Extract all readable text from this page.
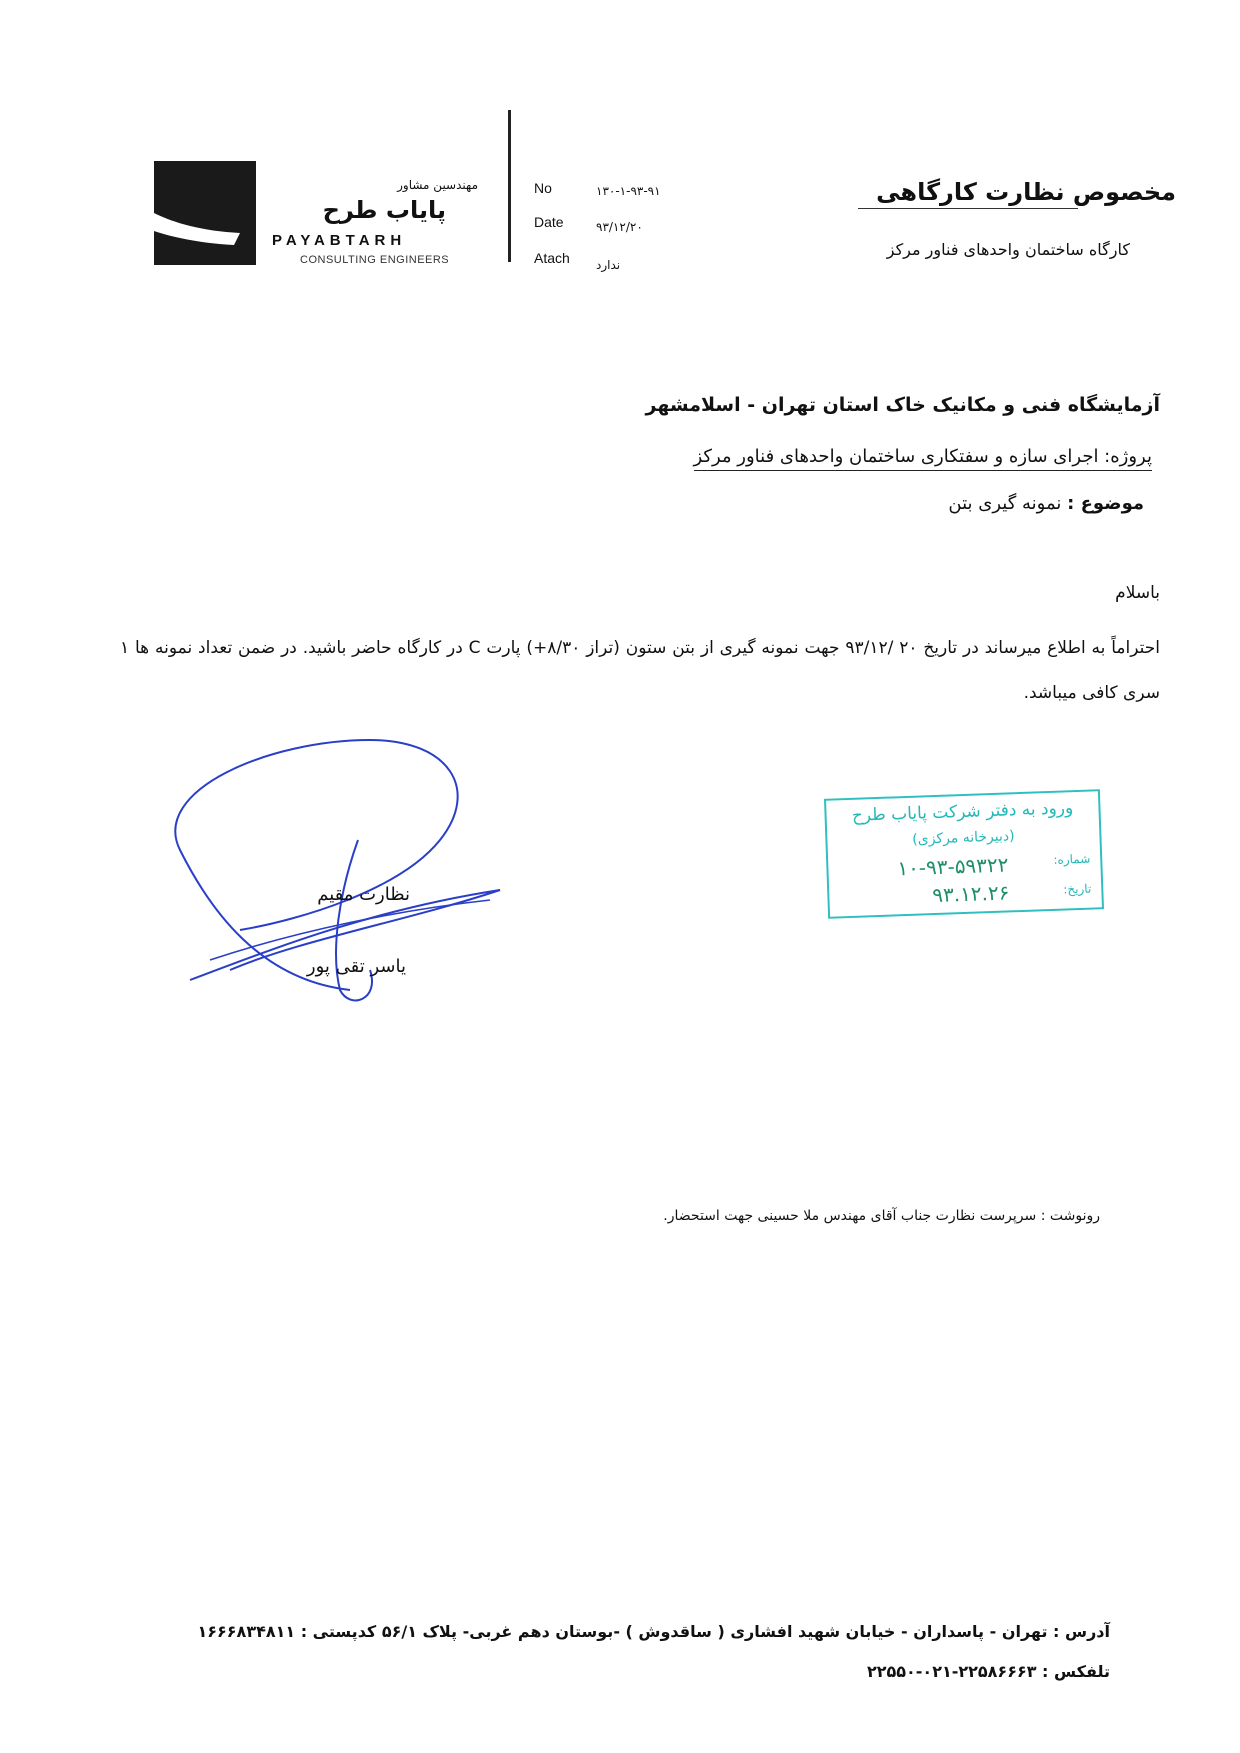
مهندسین مشاور
پایاب طرح
PAYABTARH
CONSULTING ENGINEERS
No	۱۳۰-۱-۹۳-۹۱
Date	۹۳/۱۲/۲۰
Atach ندارد
مخصوص نظارت کارگاهی
کارگاه ساختمان واحدهای فناور مرکز
آزمایشگاه فنی و مکانیک خاک استان تهران - اسلامشهر
پروژه: اجرای سازه و سفتکاری ساختمان واحدهای فناور مرکز
موضوع : نمونه گیری بتن
باسلام
احتراماً به اطلاع میرساند در تاریخ ۲۰ /۹۳/۱۲ جهت نمونه گیری از بتن ستون (تراز ۸/۳۰+) پارت C در کارگاه حاضر باشید. در ضمن تعداد نمونه ها ۱ سری کافی میباشد.
نظارت مقیم
یاسر تقی پور
ورود به دفتر شرکت پایاب طرح
(دبیرخانه مرکزی)
شماره:
۱۰-۹۳-۵۹۳۲۲
تاریخ:
۹۳.۱۲.۲۶
رونوشت : سرپرست نظارت جناب آقای مهندس ملا حسینی جهت استحضار.
آدرس : تهران - پاسداران - خیابان شهید افشاری ( ساقدوش ) -بوستان دهم غربی- پلاک ۵۶/۱ کدپستی : ۱۶۶۶۸۳۴۸۱۱
تلفکس : ۲۲۵۸۶۶۶۳-۰۲۱-۲۲۵۵۰
